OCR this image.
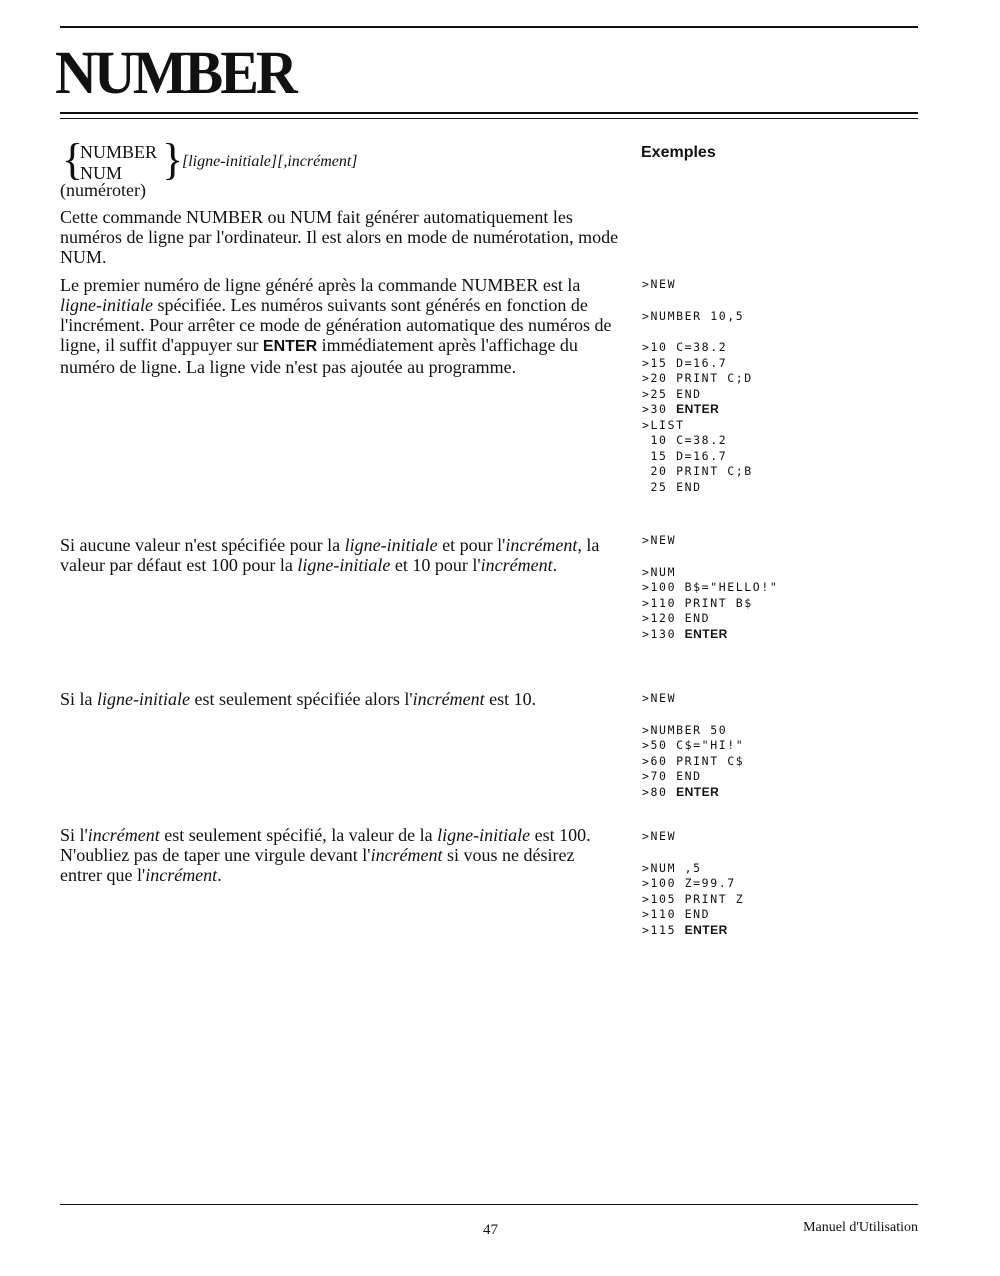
NUMBER
{
NUMBER
NUM }
[ligne-initiale][,incrément]
(numéroter)
Exemples
Cette commande NUMBER ou NUM fait générer automatiquement les numéros de ligne par l'ordinateur. Il est alors en mode de numérotation, mode NUM.
Le premier numéro de ligne généré après la commande NUMBER est la ligne-initiale spécifiée. Les numéros suivants sont générés en fonction de l'incrément. Pour arrêter ce mode de génération automatique des numéros de ligne, il suffit d'appuyer sur ENTER immédiatement après l'affichage du numéro de ligne. La ligne vide n'est pas ajoutée au programme.
Si aucune valeur n'est spécifiée pour la ligne-initiale et pour l'incrément, la valeur par défaut est 100 pour la ligne-initiale et 10 pour l'incrément.
Si la ligne-initiale est seulement spécifiée alors l'incrément est 10.
Si l'incrément est seulement spécifié, la valeur de la ligne-initiale est 100. N'oubliez pas de taper une virgule devant l'incrément si vous ne désirez entrer que l'incrément.
>NEW
>NUMBER 10,5
>10 C=38.2
>15 D=16.7
>20 PRINT C;D
>25 END
>30 ENTER
>LIST
10 C=38.2
15 D=16.7
20 PRINT C;B
25 END
>NEW
>NUM
>100 B$="HELLO!"
>110 PRINT B$
>120 END
>130 ENTER
>NEW
>NUMBER 50
>50 C$="HI!"
>60 PRINT C$
>70 END
>80 ENTER
>NEW
>NUM ,5
>100 Z=99.7
>105 PRINT Z
>110 END
>115 ENTER
47	Manuel d'Utilisation
